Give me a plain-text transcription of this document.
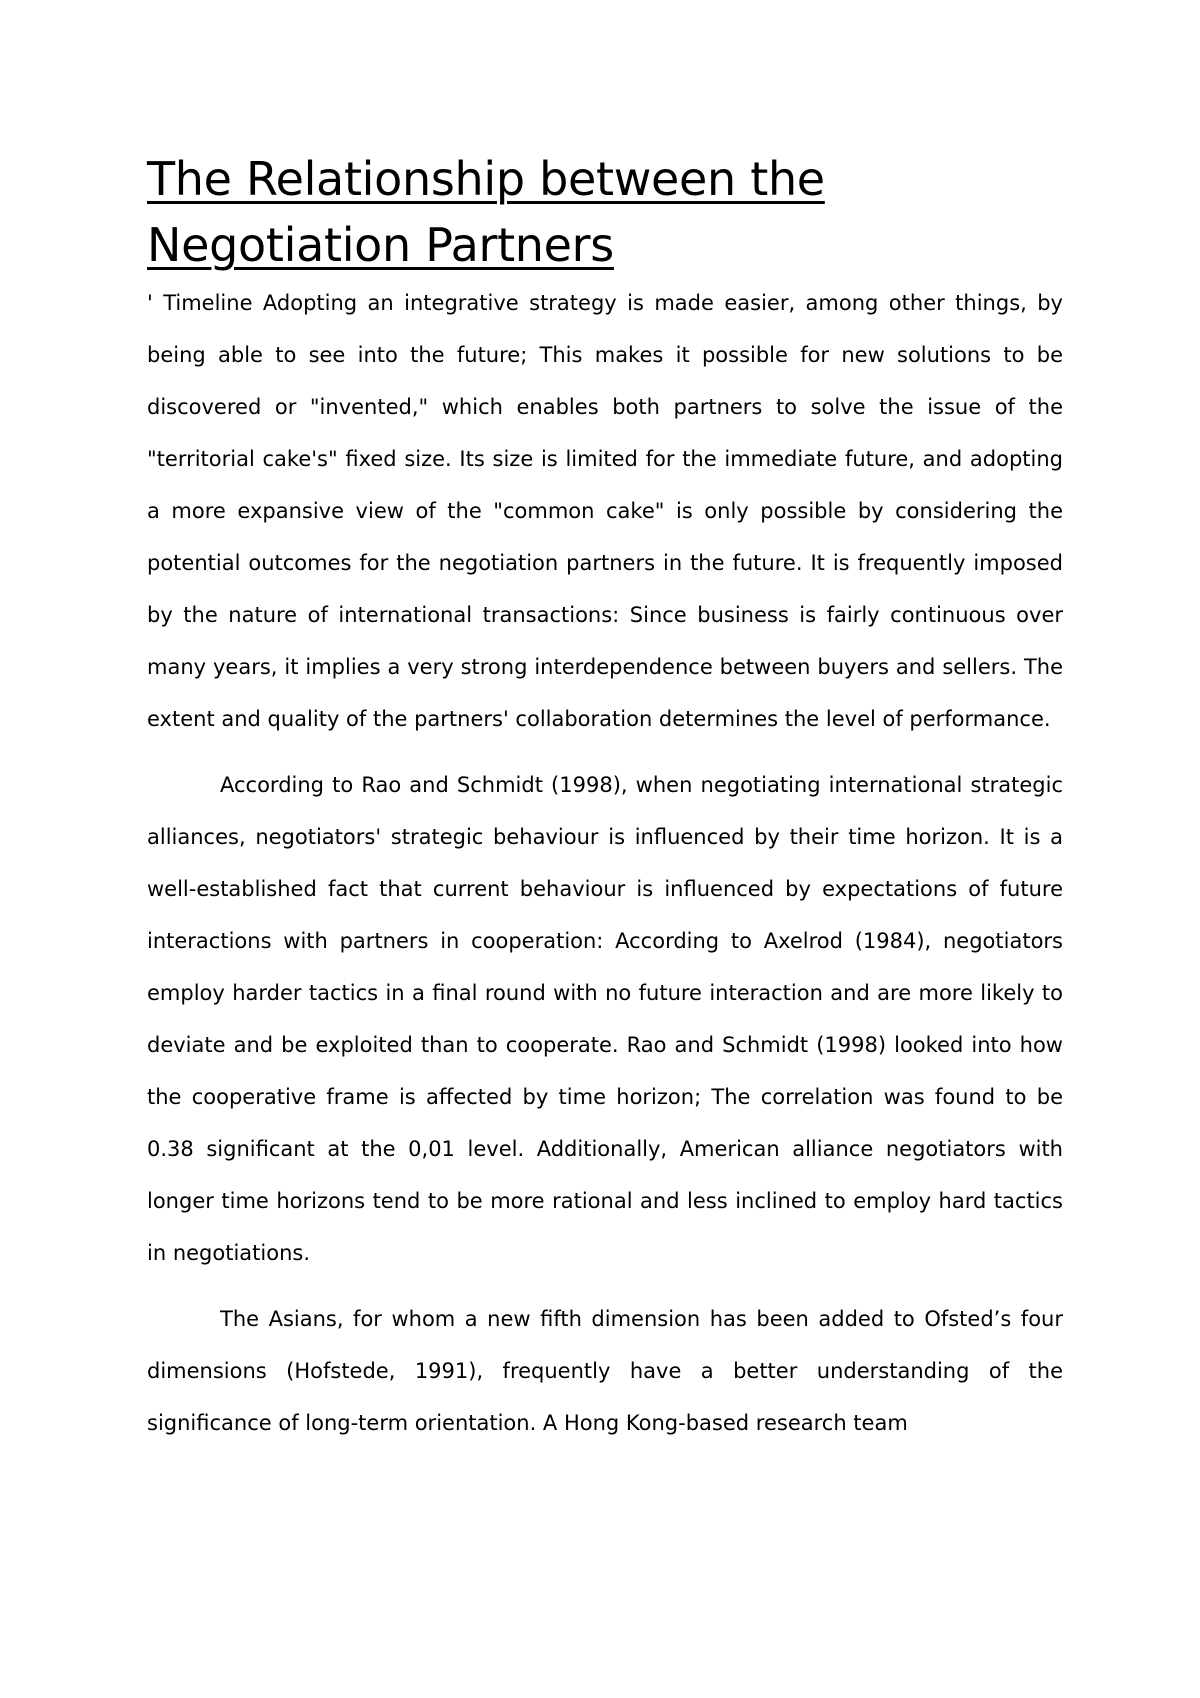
The Relationship between the Negotiation Partners

' Timeline Adopting an integrative strategy is made easier, among other things, by being able to see into the future; This makes it possible for new solutions to be discovered or "invented," which enables both partners to solve the issue of the "territorial cake's" fixed size. Its size is limited for the immediate future, and adopting a more expansive view of the "common cake" is only possible by considering the potential outcomes for the negotiation partners in the future. It is frequently imposed by the nature of international transactions: Since business is fairly continuous over many years, it implies a very strong interdependence between buyers and sellers. The extent and quality of the partners' collaboration determines the level of performance.

According to Rao and Schmidt (1998), when negotiating international strategic alliances, negotiators' strategic behaviour is influenced by their time horizon. It is a well-established fact that current behaviour is influenced by expectations of future interactions with partners in cooperation: According to Axelrod (1984), negotiators employ harder tactics in a final round with no future interaction and are more likely to deviate and be exploited than to cooperate. Rao and Schmidt (1998) looked into how the cooperative frame is affected by time horizon; The correlation was found to be 0.38 significant at the 0,01 level. Additionally, American alliance negotiators with longer time horizons tend to be more rational and less inclined to employ hard tactics in negotiations.

The Asians, for whom a new fifth dimension has been added to Ofsted’s four dimensions (Hofstede, 1991), frequently have a better understanding of the significance of long-term orientation. A Hong Kong-based research team
